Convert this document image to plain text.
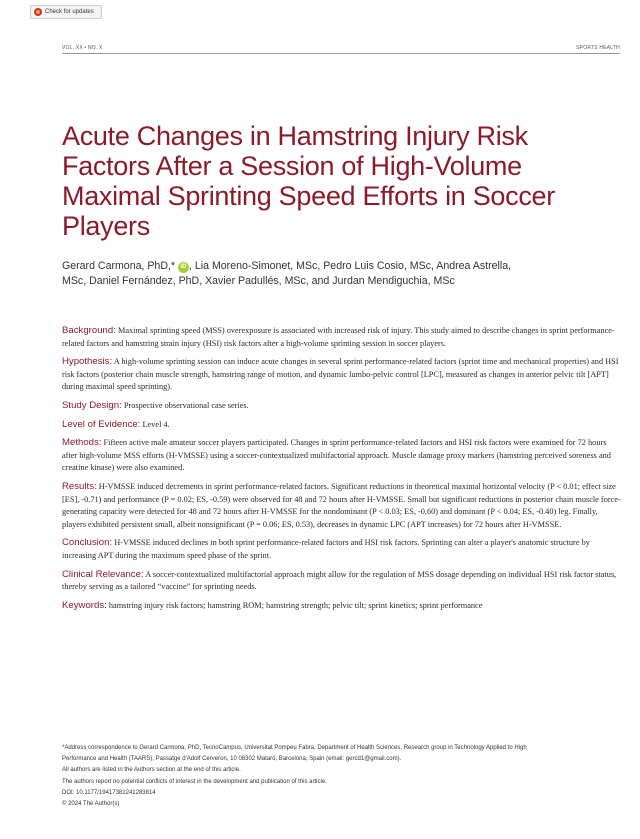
Check for updates
VOL. XX • NO. X	SPORTS HEALTH
Acute Changes in Hamstring Injury Risk Factors After a Session of High-Volume Maximal Sprinting Speed Efforts in Soccer Players
Gerard Carmona, PhD,* iD , Lia Moreno-Simonet, MSc, Pedro Luis Cosio, MSc, Andrea Astrella, MSc, Daniel Fernández, PhD, Xavier Padullés, MSc, and Jurdan Mendiguchia, MSc
Background: Maximal sprinting speed (MSS) overexposure is associated with increased risk of injury. This study aimed to describe changes in sprint performance-related factors and hamstring strain injury (HSI) risk factors after a high-volume sprinting session in soccer players.
Hypothesis: A high-volume sprinting session can induce acute changes in several sprint performance-related factors (sprint time and mechanical properties) and HSI risk factors (posterior chain muscle strength, hamstring range of motion, and dynamic lumbo-pelvic control [LPC], measured as changes in anterior pelvic tilt [APT] during maximal speed sprinting).
Study Design: Prospective observational case series.
Level of Evidence: Level 4.
Methods: Fifteen active male amateur soccer players participated. Changes in sprint performance-related factors and HSI risk factors were examined for 72 hours after high-volume MSS efforts (H-VMSSE) using a soccer-contextualized multifactorial approach. Muscle damage proxy markers (hamstring perceived soreness and creatine kinase) were also examined.
Results: H-VMSSE induced decrements in sprint performance-related factors. Significant reductions in theoretical maximal horizontal velocity (P < 0.01; effect size [ES], -0.71) and performance (P = 0.02; ES, -0.59) were observed for 48 and 72 hours after H-VMSSE. Small but significant reductions in posterior chain muscle force-generating capacity were detected for 48 and 72 hours after H-VMSSE for the nondominant (P < 0.03; ES, -0.60) and dominant (P < 0.04; ES, -0.40) leg. Finally, players exhibited persistent small, albeit nonsignificant (P = 0.06; ES, 0.53), decreases in dynamic LPC (APT increases) for 72 hours after H-VMSSE.
Conclusion: H-VMSSE induced declines in both sprint performance-related factors and HSI risk factors. Sprinting can alter a player's anatomic structure by increasing APT during the maximum speed phase of the sprint.
Clinical Relevance: A soccer-contextualized multifactorial approach might allow for the regulation of MSS dosage depending on individual HSI risk factor status, thereby serving as a tailored “vaccine” for sprinting needs.
Keywords: hamstring injury risk factors; hamstring ROM; hamstring strength; pelvic tilt; sprint kinetics; sprint performance
*Address correspondence to Gerard Carmona, PhD, TecnoCampus, Universitat Pompeu Fabra, Department of Health Sciences, Research group in Technology Applied to High
Performance and Health (TAARS), Passatge d'Adolf Cerveron, 10 08302 Mataró, Barcelona, Spain (email: gercd1@gmail.com).
All authors are listed in the Authors section at the end of this article.
The authors report no potential conflicts of interest in the development and publication of this article.
DOI: 10.1177/19417381241283814
© 2024 The Author(s)
